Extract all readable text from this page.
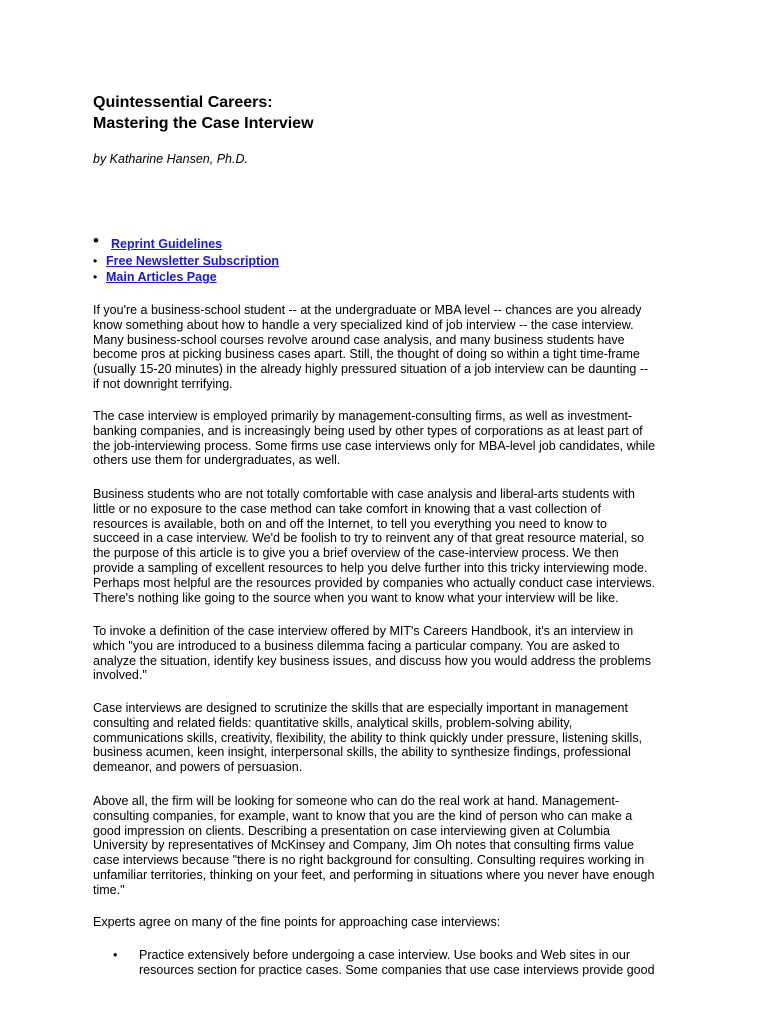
Quintessential Careers:
Mastering the Case Interview

by Katharine Hansen, Ph.D.

• Reprint Guidelines
• Free Newsletter Subscription
• Main Articles Page

If you're a business-school student -- at the undergraduate or MBA level -- chances are you already
know something about how to handle a very specialized kind of job interview -- the case interview.
Many business-school courses revolve around case analysis, and many business students have
become pros at picking business cases apart. Still, the thought of doing so within a tight time-frame
(usually 15-20 minutes) in the already highly pressured situation of a job interview can be daunting --
if not downright terrifying.

The case interview is employed primarily by management-consulting firms, as well as investment-
banking companies, and is increasingly being used by other types of corporations as at least part of
the job-interviewing process. Some firms use case interviews only for MBA-level job candidates, while
others use them for undergraduates, as well.

Business students who are not totally comfortable with case analysis and liberal-arts students with
little or no exposure to the case method can take comfort in knowing that a vast collection of
resources is available, both on and off the Internet, to tell you everything you need to know to
succeed in a case interview. We'd be foolish to try to reinvent any of that great resource material, so
the purpose of this article is to give you a brief overview of the case-interview process. We then
provide a sampling of excellent resources to help you delve further into this tricky interviewing mode.
Perhaps most helpful are the resources provided by companies who actually conduct case interviews.
There's nothing like going to the source when you want to know what your interview will be like.

To invoke a definition of the case interview offered by MIT's Careers Handbook, it's an interview in
which "you are introduced to a business dilemma facing a particular company. You are asked to
analyze the situation, identify key business issues, and discuss how you would address the problems
involved."

Case interviews are designed to scrutinize the skills that are especially important in management
consulting and related fields: quantitative skills, analytical skills, problem-solving ability,
communications skills, creativity, flexibility, the ability to think quickly under pressure, listening skills,
business acumen, keen insight, interpersonal skills, the ability to synthesize findings, professional
demeanor, and powers of persuasion.

Above all, the firm will be looking for someone who can do the real work at hand. Management-
consulting companies, for example, want to know that you are the kind of person who can make a
good impression on clients. Describing a presentation on case interviewing given at Columbia
University by representatives of McKinsey and Company, Jim Oh notes that consulting firms value
case interviews because "there is no right background for consulting. Consulting requires working in
unfamiliar territories, thinking on your feet, and performing in situations where you never have enough
time."

Experts agree on many of the fine points for approaching case interviews:

• Practice extensively before undergoing a case interview. Use books and Web sites in our
resources section for practice cases. Some companies that use case interviews provide good
